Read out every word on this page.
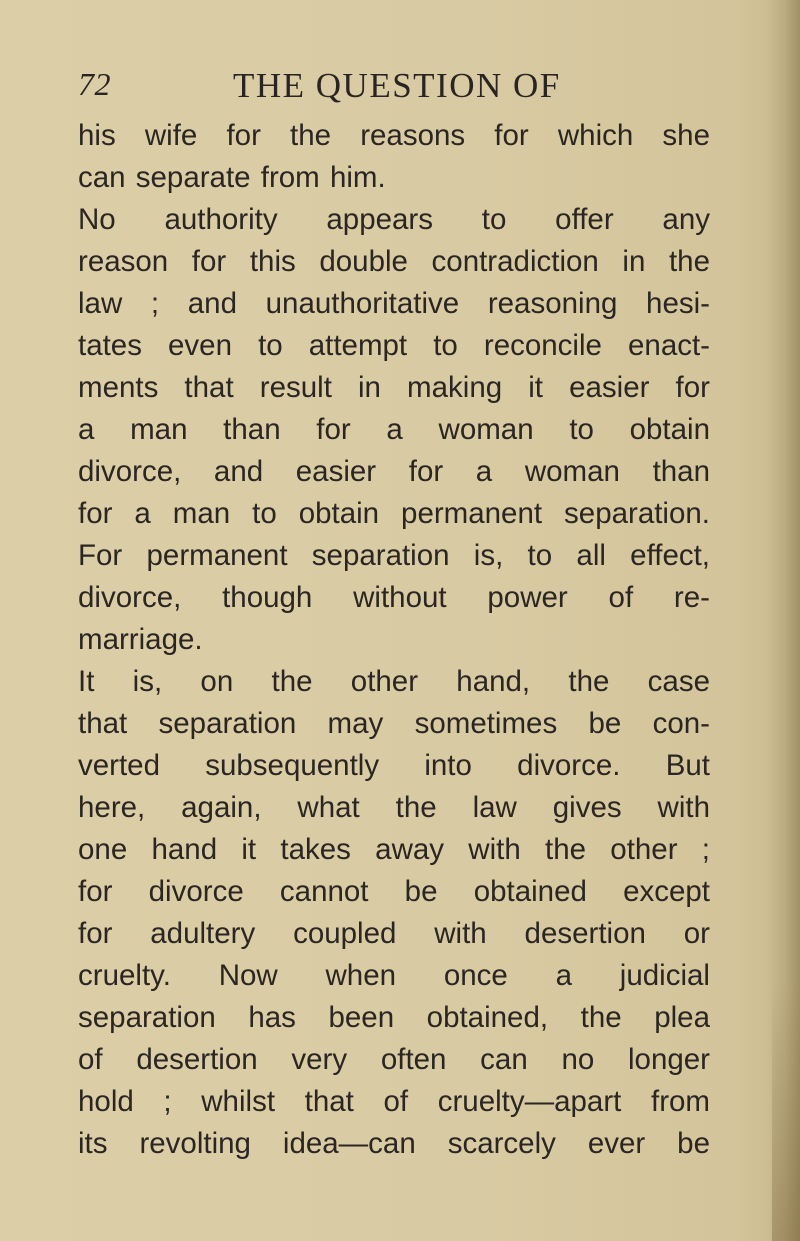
72	THE QUESTION OF
his wife for the reasons for which she
can separate from him.
No authority appears to offer any
reason for this double contradiction in the
law ; and unauthoritative reasoning hesi-
tates even to attempt to reconcile enact-
ments that result in making it easier for
a man than for a woman to obtain
divorce, and easier for a woman than
for a man to obtain permanent separation.
For permanent separation is, to all effect,
divorce, though without power of re-
marriage.
It is, on the other hand, the case
that separation may sometimes be con-
verted subsequently into divorce. But
here, again, what the law gives with
one hand it takes away with the other ;
for divorce cannot be obtained except
for adultery coupled with desertion or
cruelty. Now when once a judicial
separation has been obtained, the plea
of desertion very often can no longer
hold ; whilst that of cruelty—apart from
its revolting idea—can scarcely ever be
